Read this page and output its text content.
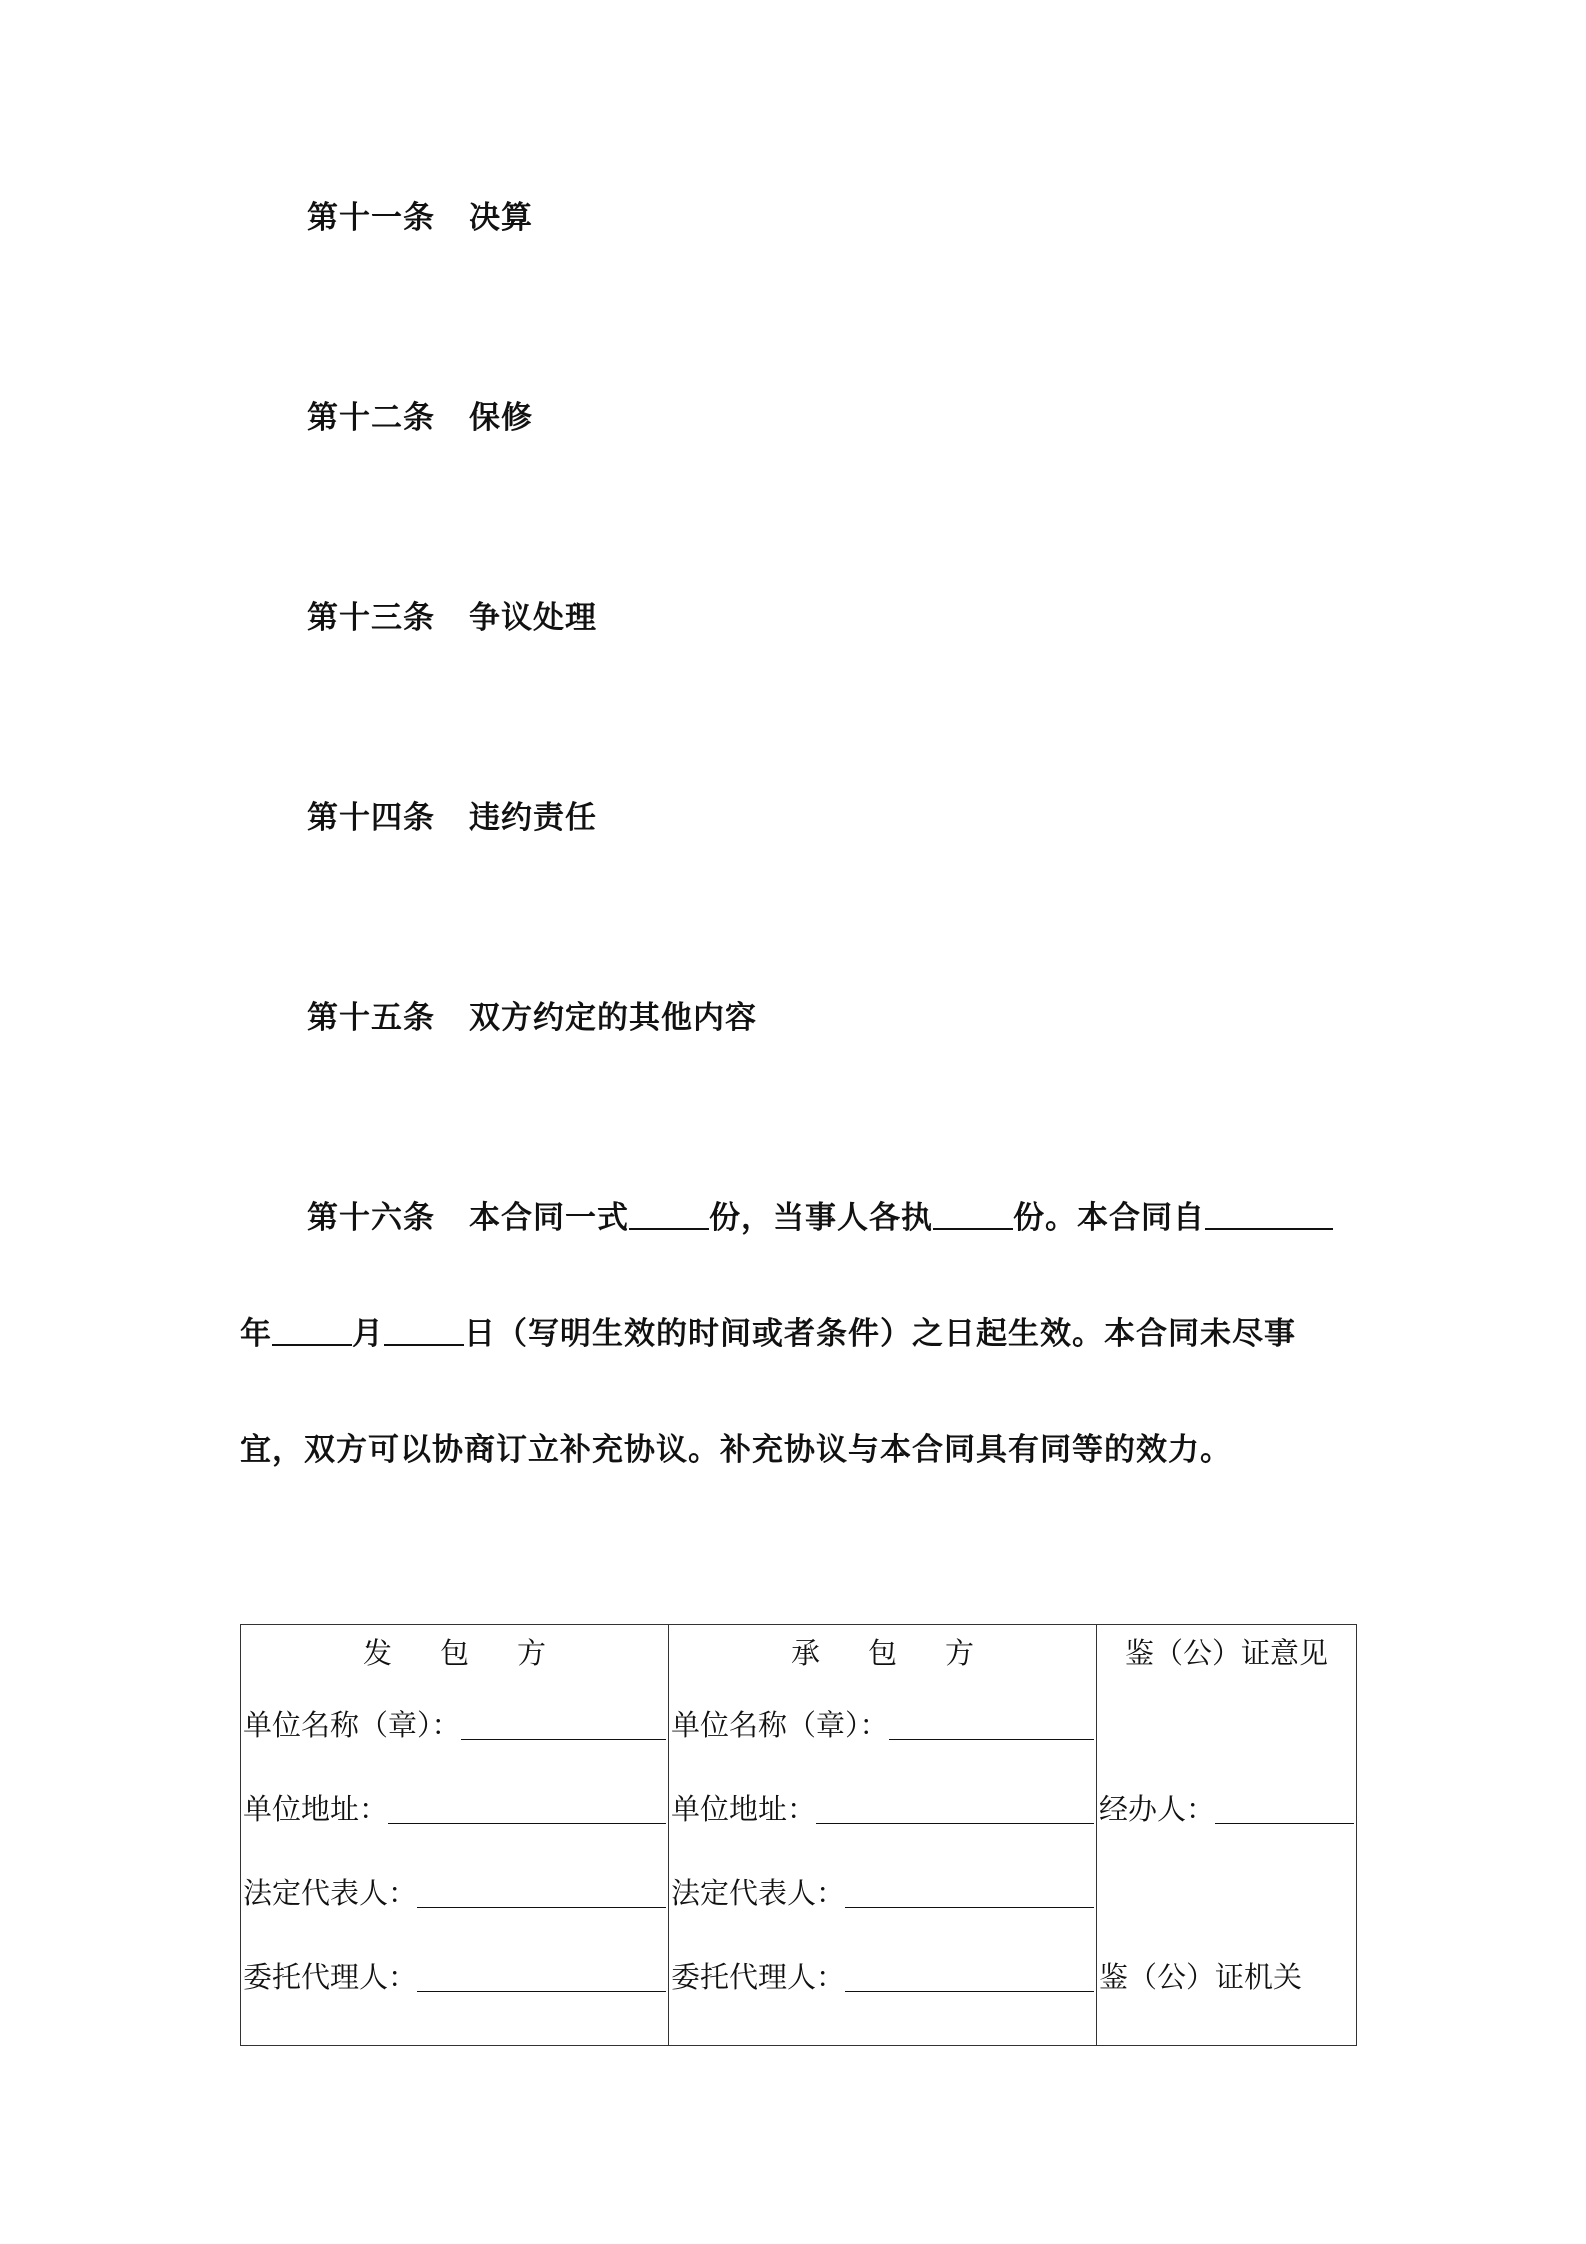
第十一条 决算
第十二条 保修
第十三条 争议处理
第十四条 违约责任
第十五条 双方约定的其他内容
第十六条 本合同一式	份，当事人各执	份。本合同自
年	月	日（写明生效的时间或者条件）之日起生效。本合同未尽事
宜，双方可以协商订立补充协议。补充协议与本合同具有同等的效力。
发包方
单位名称（章）：
单位地址：
法定代表人：
委托代理人：

承包方
单位名称（章）：
单位地址：
法定代表人：
委托代理人：

鉴（公）证意见
经办人：
鉴（公）证机关
